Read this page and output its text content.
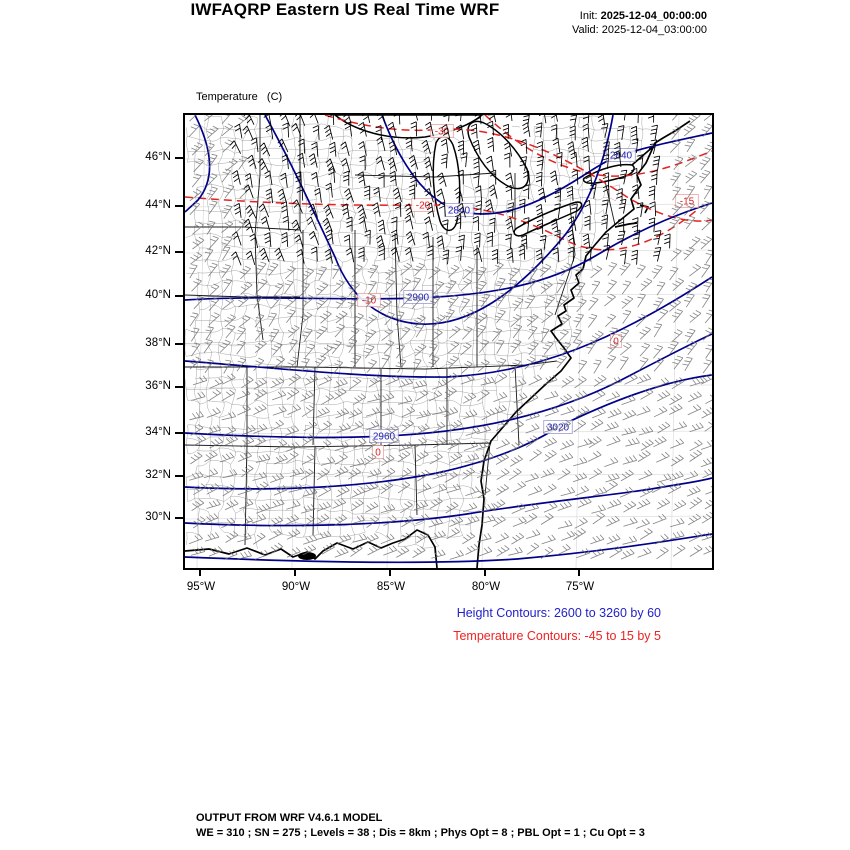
IWFAQRP Eastern US Real Time WRF	Init: 2025-12-04_00:00:00
Valid: 2025-12-04_03:00:00

Temperature   (C)

2840
2840
2900
2960
3020
-30
-20	-15
-10
0
0
46°N
44°N
42°N
40°N
38°N
36°N
34°N
32°N
30°N
95°W	90°W	85°W	80°W	75°W
Height Contours: 2600 to 3260 by 60
Temperature Contours: -45 to 15 by 5
OUTPUT FROM WRF V4.6.1 MODEL
WE = 310 ; SN = 275 ; Levels = 38 ; Dis = 8km ; Phys Opt = 8 ; PBL Opt = 1 ; Cu Opt = 3
